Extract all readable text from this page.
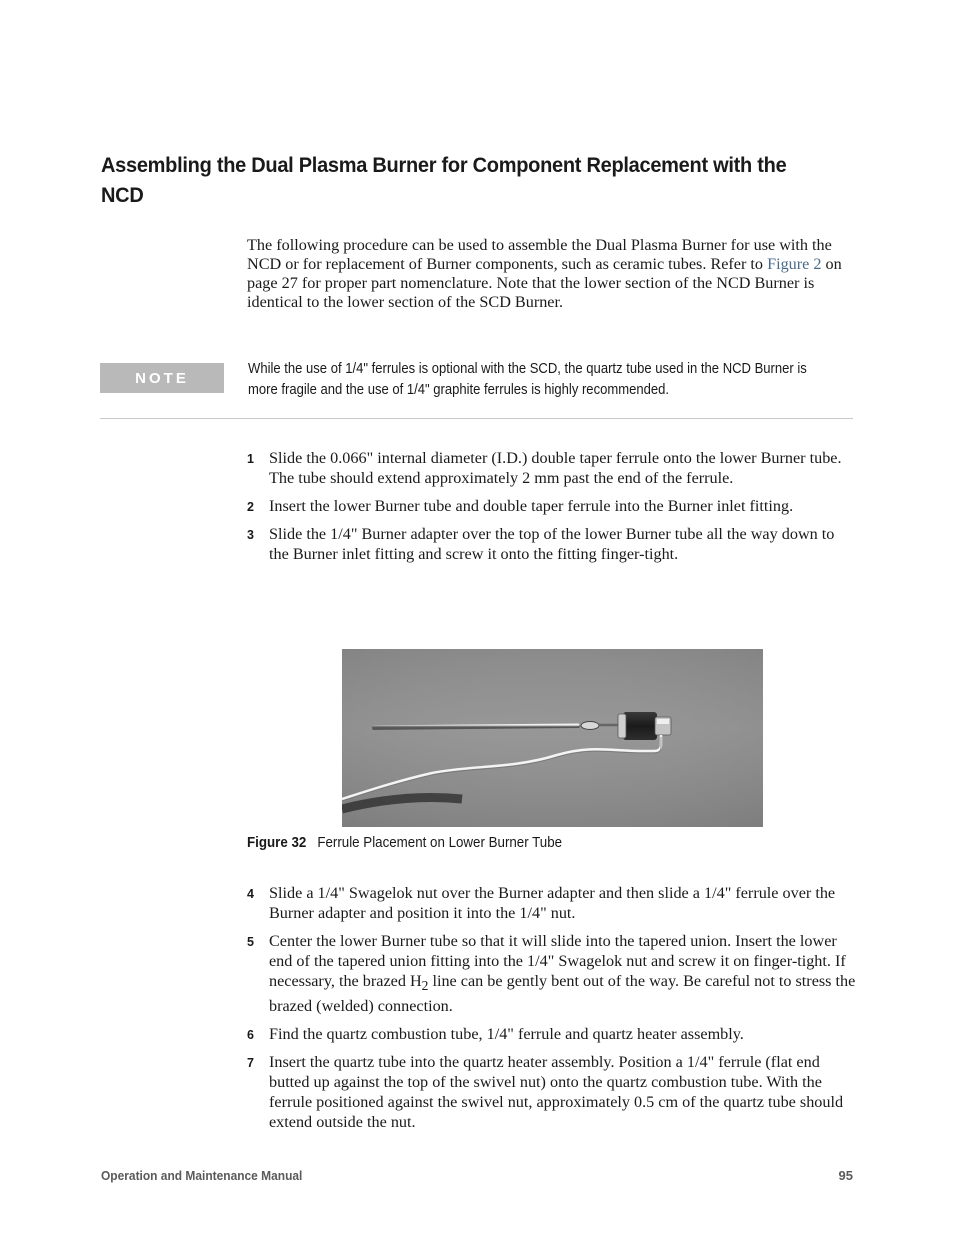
Assembling the Dual Plasma Burner for Component Replacement with the NCD

The following procedure can be used to assemble the Dual Plasma Burner for use with the NCD or for replacement of Burner components, such as ceramic tubes. Refer to Figure 2 on page 27 for proper part nomenclature. Note that the lower section of the NCD Burner is identical to the lower section of the SCD Burner.

NOTE

While the use of 1/4" ferrules is optional with the SCD, the quartz tube used in the NCD Burner is more fragile and the use of 1/4" graphite ferrules is highly recommended.

1 Slide the 0.066" internal diameter (I.D.) double taper ferrule onto the lower Burner tube. The tube should extend approximately 2 mm past the end of the ferrule.
2 Insert the lower Burner tube and double taper ferrule into the Burner inlet fitting.
3 Slide the 1/4" Burner adapter over the top of the lower Burner tube all the way down to the Burner inlet fitting and screw it onto the fitting finger-tight.

Figure 32 Ferrule Placement on Lower Burner Tube

4 Slide a 1/4" Swagelok nut over the Burner adapter and then slide a 1/4" ferrule over the Burner adapter and position it into the 1/4" nut.
5 Center the lower Burner tube so that it will slide into the tapered union. Insert the lower end of the tapered union fitting into the 1/4" Swagelok nut and screw it on finger-tight. If necessary, the brazed $H_2$ line can be gently bent out of the way. Be careful not to stress the brazed (welded) connection.
6 Find the quartz combustion tube, 1/4" ferrule and quartz heater assembly.
7 Insert the quartz tube into the quartz heater assembly. Position a 1/4" ferrule (flat end butted up against the top of the swivel nut) onto the quartz combustion tube. With the ferrule positioned against the swivel nut, approximately 0.5 cm of the quartz tube should extend outside the nut.

Operation and Maintenance Manual	95
